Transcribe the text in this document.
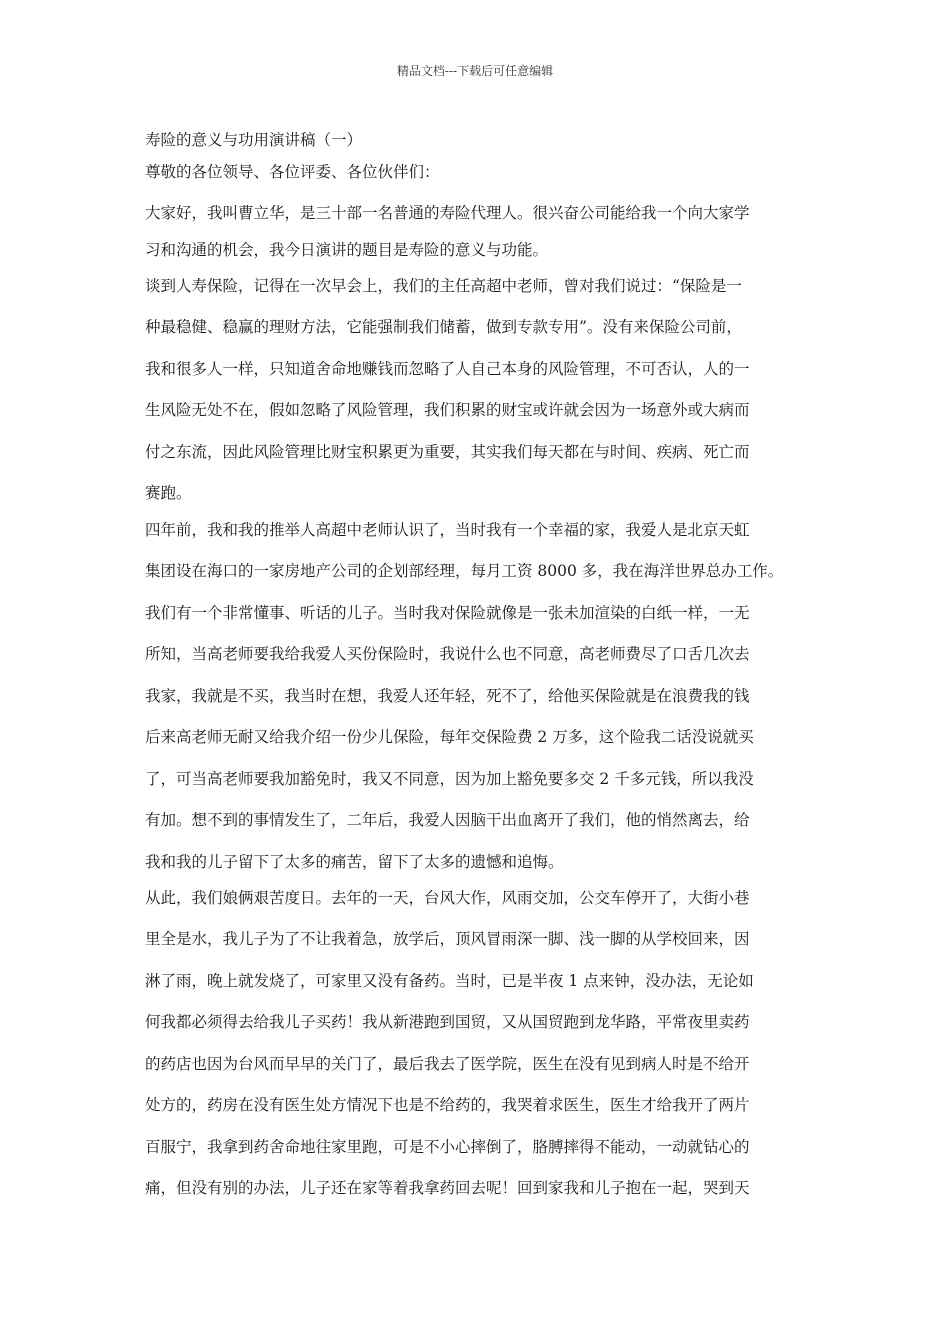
精品文档---下载后可任意编辑
寿险的意义与功用演讲稿（一）
尊敬的各位领导、各位评委、各位伙伴们：
大家好，我叫曹立华，是三十部一名普通的寿险代理人。很兴奋公司能给我一个向大家学
习和沟通的机会，我今日演讲的题目是寿险的意义与功能。
谈到人寿保险，记得在一次早会上，我们的主任高超中老师，曾对我们说过：“保险是一
种最稳健、稳赢的理财方法，它能强制我们储蓄，做到专款专用”。没有来保险公司前，
我和很多人一样，只知道舍命地赚钱而忽略了人自己本身的风险管理，不可否认，人的一
生风险无处不在，假如忽略了风险管理，我们积累的财宝或许就会因为一场意外或大病而
付之东流，因此风险管理比财宝积累更为重要，其实我们每天都在与时间、疾病、死亡而
赛跑。
四年前，我和我的推举人高超中老师认识了，当时我有一个幸福的家，我爱人是北京天虹
集团设在海口的一家房地产公司的企划部经理，每月工资 8000 多，我在海洋世界总办工作。
我们有一个非常懂事、听话的儿子。当时我对保险就像是一张未加渲染的白纸一样，一无
所知，当高老师要我给我爱人买份保险时，我说什么也不同意，高老师费尽了口舌几次去
我家，我就是不买，我当时在想，我爱人还年轻，死不了，给他买保险就是在浪费我的钱
后来高老师无耐又给我介绍一份少儿保险，每年交保险费 2 万多，这个险我二话没说就买
了，可当高老师要我加豁免时，我又不同意，因为加上豁免要多交 2 千多元钱，所以我没
有加。想不到的事情发生了，二年后，我爱人因脑干出血离开了我们，他的悄然离去，给
我和我的儿子留下了太多的痛苦，留下了太多的遗憾和追悔。
从此，我们娘俩艰苦度日。去年的一天，台风大作，风雨交加，公交车停开了，大街小巷
里全是水，我儿子为了不让我着急，放学后，顶风冒雨深一脚、浅一脚的从学校回来，因
淋了雨，晚上就发烧了，可家里又没有备药。当时，已是半夜 1 点来钟，没办法，无论如
何我都必须得去给我儿子买药！我从新港跑到国贸，又从国贸跑到龙华路，平常夜里卖药
的药店也因为台风而早早的关门了，最后我去了医学院，医生在没有见到病人时是不给开
处方的，药房在没有医生处方情况下也是不给药的，我哭着求医生，医生才给我开了两片
百服宁，我拿到药舍命地往家里跑，可是不小心摔倒了，胳膊摔得不能动，一动就钻心的
痛，但没有别的办法，儿子还在家等着我拿药回去呢！回到家我和儿子抱在一起，哭到天
